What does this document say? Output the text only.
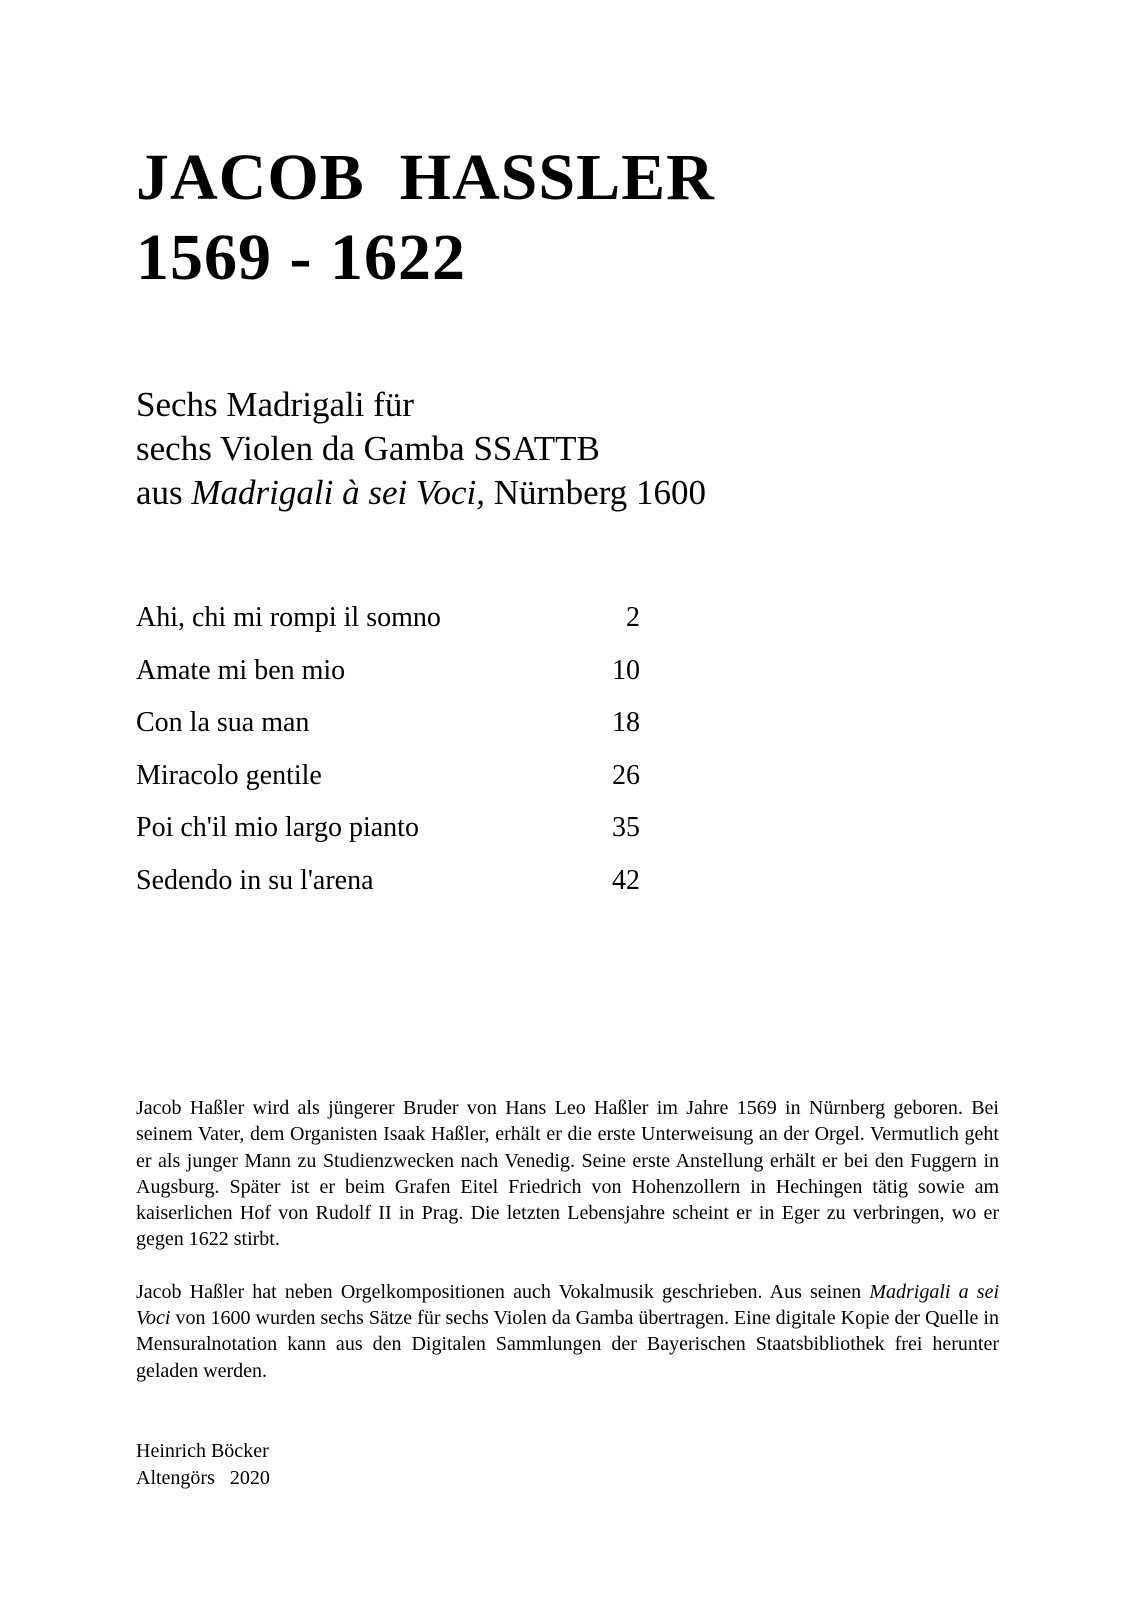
JACOB  HASSLER
1569 - 1622
Sechs Madrigali für
sechs Violen da Gamba SSATTB
aus Madrigali à sei Voci, Nürnberg 1600
Ahi, chi mi rompi il somno	2
Amate mi ben mio	10
Con la sua man	18
Miracolo gentile	26
Poi ch'il mio largo pianto	35
Sedendo in su l'arena	42

Jacob Haßler wird als jüngerer Bruder von Hans Leo Haßler im Jahre 1569 in Nürnberg geboren. Bei seinem Vater, dem Organisten Isaak Haßler, erhält er die erste Unterweisung an der Orgel. Vermutlich geht er als junger Mann zu Studienzwecken nach Venedig. Seine erste Anstellung erhält er bei den Fuggern in Augsburg. Später ist er beim Grafen Eitel Friedrich von Hohenzollern in Hechingen tätig sowie am kaiserlichen Hof von Rudolf II in Prag. Die letzten Lebensjahre scheint er in Eger zu verbringen, wo er gegen 1622 stirbt.

Jacob Haßler hat neben Orgelkompositionen auch Vokalmusik geschrieben. Aus seinen Madrigali a sei Voci von 1600 wurden sechs Sätze für sechs Violen da Gamba übertragen. Eine digitale Kopie der Quelle in Mensuralnotation kann aus den Digitalen Sammlungen der Bayerischen Staatsbibliothek frei herunter geladen werden.

Heinrich Böcker
Altengörs   2020
